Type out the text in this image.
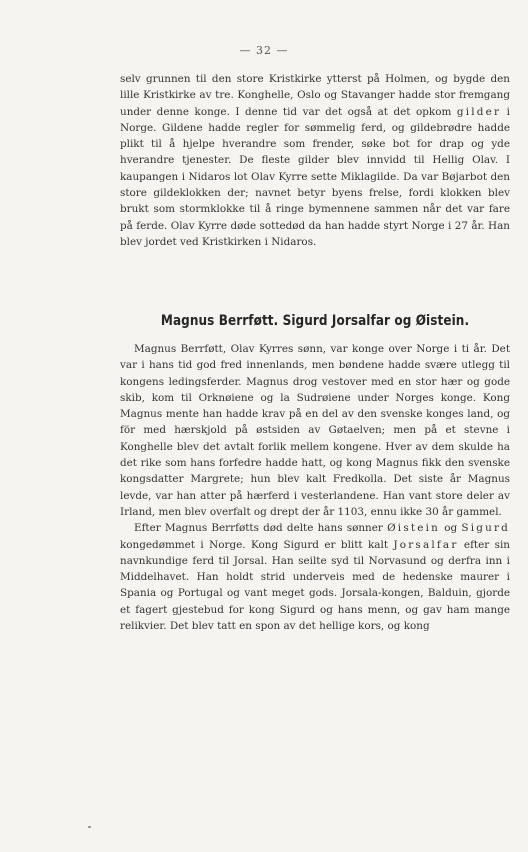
— 32 —

selv grunnen til den store Kristkirke ytterst på Holmen, og bygde den lille Kristkirke av tre. Konghelle, Oslo og Stavanger hadde stor fremgang under denne konge. I denne tid var det også at det opkom gilder i Norge. Gildene hadde regler for sømmelig ferd, og gildebrødre hadde plikt til å hjelpe hverandre som frender, søke bot for drap og yde hverandre tjenester. De fleste gilder blev innvidd til Hellig Olav. I kaupangen i Nidaros lot Olav Kyrre sette Miklagilde. Da var Bøjarbot den store gildeklokken der; navnet betyr byens frelse, fordi klokken blev brukt som stormklokke til å ringe bymennene sammen når det var fare på ferde. Olav Kyrre døde sottedød da han hadde styrt Norge i 27 år. Han blev jordet ved Kristkirken i Nidaros.

Magnus Berrføtt. Sigurd Jorsalfar og Øistein.

Magnus Berrføtt, Olav Kyrres sønn, var konge over Norge i ti år. Det var i hans tid god fred innenlands, men bøndene hadde svære utlegg til kongens ledingsferder. Magnus drog vestover med en stor hær og gode skib, kom til Orknøiene og la Sudrøiene under Norges konge. Kong Magnus mente han hadde krav på en del av den svenske konges land, og för med hærskjold på østsiden av Gøtaelven; men på et stevne i Konghelle blev det avtalt forlik mellem kongene. Hver av dem skulde ha det rike som hans forfedre hadde hatt, og kong Magnus fikk den svenske kongsdatter Margrete; hun blev kalt Fredkolla. Det siste år Magnus levde, var han atter på hærferd i vesterlandene. Han vant store deler av Irland, men blev overfalt og drept der år 1103, ennu ikke 30 år gammel.

Efter Magnus Berrføtts død delte hans sønner Øistein og Sigurd kongedømmet i Norge. Kong Sigurd er blitt kalt Jorsalfar efter sin navnkundige ferd til Jorsal. Han seilte syd til Norvasund og derfra inn i Middelhavet. Han holdt strid underveis med de hedenske maurer i Spania og Portugal og vant meget gods. Jorsala-kongen, Balduin, gjorde et fagert gjestebud for kong Sigurd og hans menn, og gav ham mange relikvier. Det blev tatt en spon av det hellige kors, og kong
